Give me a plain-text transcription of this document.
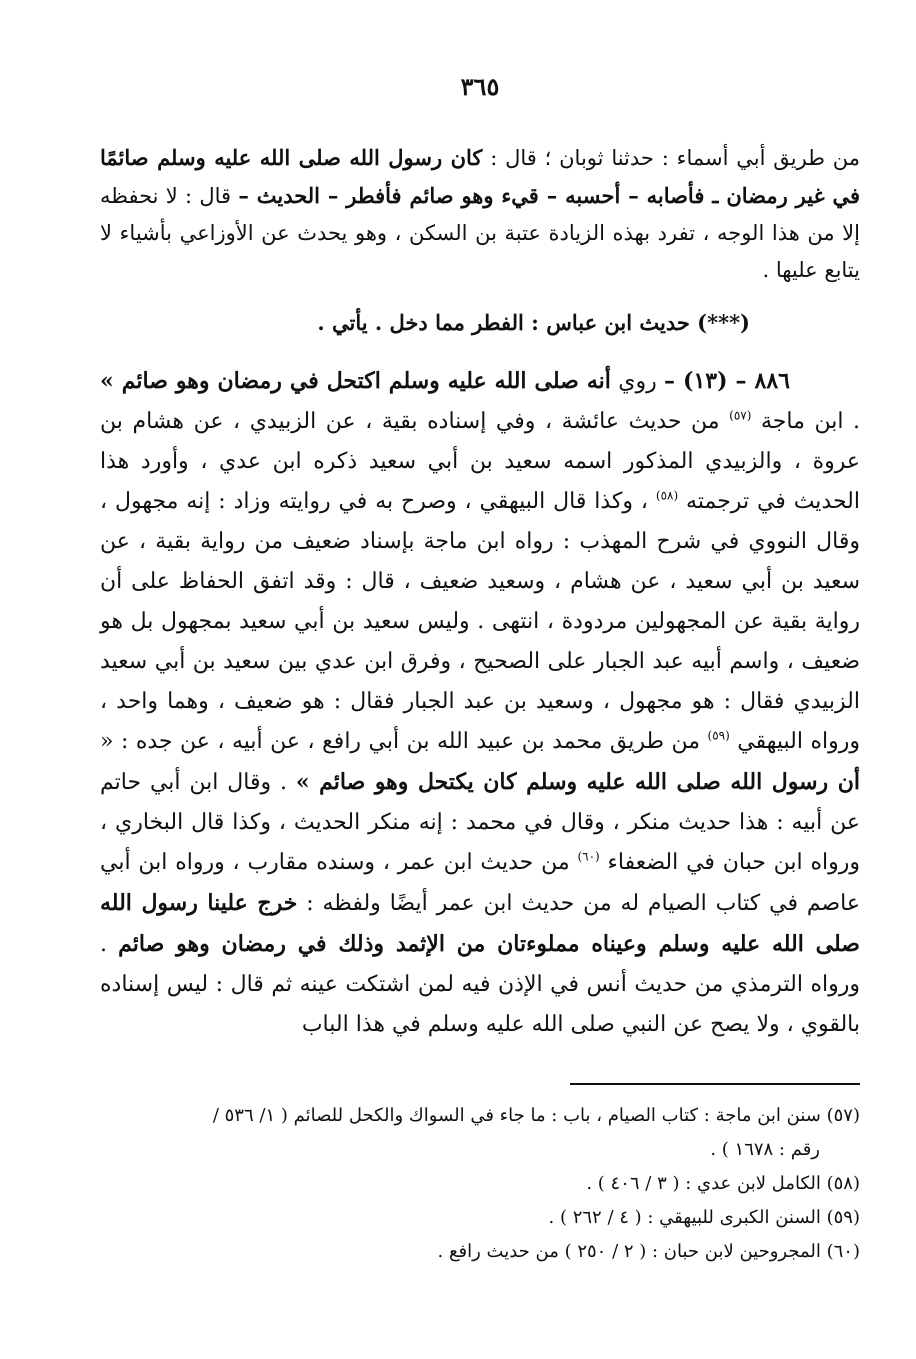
٣٦٥

من طريق أبي أسماء : حدثنا ثوبان ؛ قال : كان رسول الله صلى الله عليه وسلم صائمًا في غير رمضان ـ فأصابه – أحسبه – قيء وهو صائم فأفطر – الحديث – قال : لا نحفظه إلا من هذا الوجه ، تفرد بهذه الزيادة عتبة بن السكن ، وهو يحدث عن الأوزاعي بأشياء لا يتابع عليها .

(***) حديث ابن عباس : الفطر مما دخل . يأتي .

٨٨٦ – (١٣) – روي أنه صلى الله عليه وسلم اكتحل في رمضان وهو صائم » . ابن ماجة $^{(٥٧)}$ من حديث عائشة ، وفي إسناده بقية ، عن الزبيدي ، عن هشام بن عروة ، والزبيدي المذكور اسمه سعيد بن أبي سعيد ذكره ابن عدي ، وأورد هذا الحديث في ترجمته $^{(٥٨)}$ ، وكذا قال البيهقي ، وصرح به في روايته وزاد : إنه مجهول ، وقال النووي في شرح المهذب : رواه ابن ماجة بإسناد ضعيف من رواية بقية ، عن سعيد بن أبي سعيد ، عن هشام ، وسعيد ضعيف ، قال : وقد اتفق الحفاظ على أن رواية بقية عن المجهولين مردودة ، انتهى . وليس سعيد بن أبي سعيد بمجهول بل هو ضعيف ، واسم أبيه عبد الجبار على الصحيح ، وفرق ابن عدي بين سعيد بن أبي سعيد الزبيدي فقال : هو مجهول ، وسعيد بن عبد الجبار فقال : هو ضعيف ، وهما واحد ، ورواه البيهقي $^{(٥٩)}$ من طريق محمد بن عبيد الله بن أبي رافع ، عن أبيه ، عن جده : « أن رسول الله صلى الله عليه وسلم كان يكتحل وهو صائم » . وقال ابن أبي حاتم عن أبيه : هذا حديث منكر ، وقال في محمد : إنه منكر الحديث ، وكذا قال البخاري ، ورواه ابن حبان في الضعفاء $^{(٦٠)}$ من حديث ابن عمر ، وسنده مقارب ، ورواه ابن أبي عاصم في كتاب الصيام له من حديث ابن عمر أيضًا ولفظه : خرج علينا رسول الله صلى الله عليه وسلم وعيناه مملوءتان من الإثمد وذلك في رمضان وهو صائم . ورواه الترمذي من حديث أنس في الإذن فيه لمن اشتكت عينه ثم قال : ليس إسناده بالقوي ، ولا يصح عن النبي صلى الله عليه وسلم في هذا الباب

(٥٧) سنن ابن ماجة : كتاب الصيام ، باب : ما جاء في السواك والكحل للصائم ( ١/ ٥٣٦ /

رقم : ١٦٧٨ ) .

(٥٨) الكامل لابن عدي : ( ٣ / ٤٠٦ ) .

(٥٩) السنن الكبرى للبيهقي : ( ٤ / ٢٦٢ ) .

(٦٠) المجروحين لابن حبان : ( ٢ / ٢٥٠ ) من حديث رافع .
